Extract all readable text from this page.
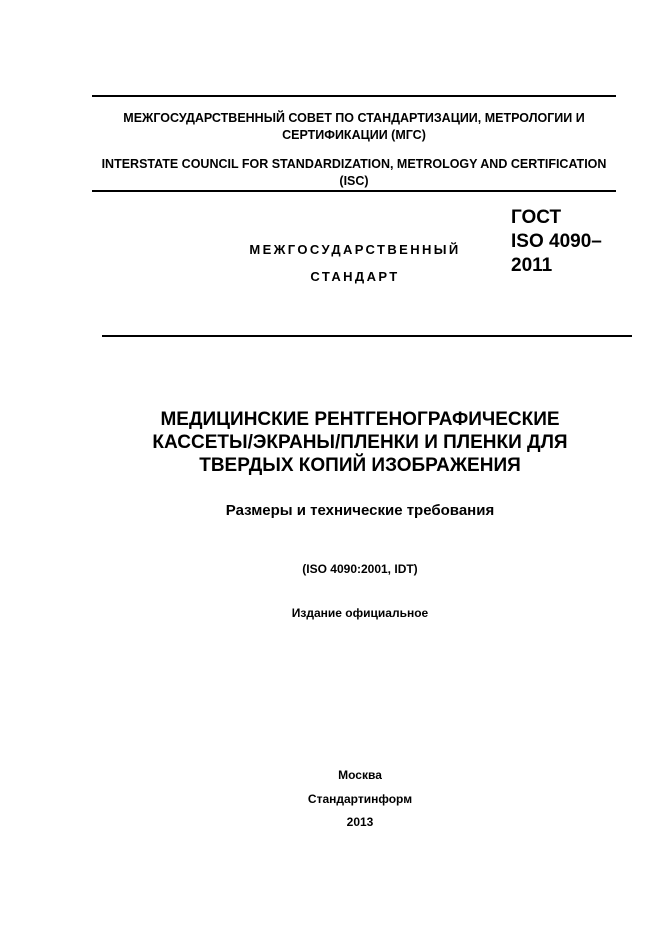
МЕЖГОСУДАРСТВЕННЫЙ СОВЕТ ПО СТАНДАРТИЗАЦИИ, МЕТРОЛОГИИ И СЕРТИФИКАЦИИ (МГС)
INTERSTATE COUNCIL FOR STANDARDIZATION, METROLOGY AND CERTIFICATION (ISC)
МЕЖГОСУДАРСТВЕННЫЙ
СТАНДАРТ
ГОСТ
ISO 4090–
2011
МЕДИЦИНСКИЕ РЕНТГЕНОГРАФИЧЕСКИЕ
КАССЕТЫ/ЭКРАНЫ/ПЛЕНКИ И ПЛЕНКИ ДЛЯ
ТВЕРДЫХ КОПИЙ ИЗОБРАЖЕНИЯ
Размеры и технические требования
(ISO 4090:2001, IDT)
Издание официальное
Москва
Стандартинформ
2013
